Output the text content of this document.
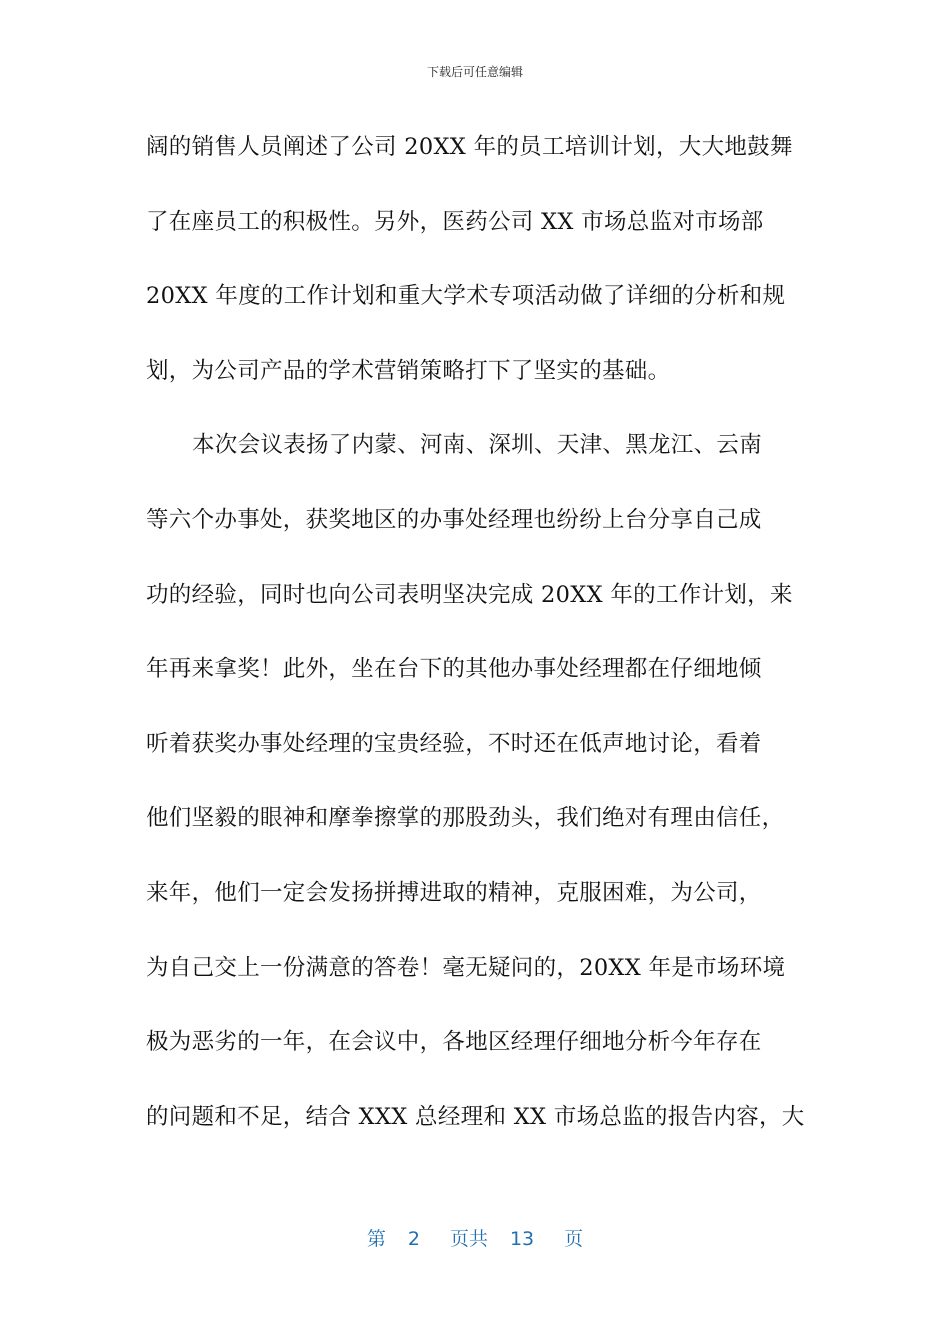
下载后可任意编辑
阔的销售人员阐述了公司 20XX 年的员工培训计划，大大地鼓舞
了在座员工的积极性。另外，医药公司 XX 市场总监对市场部
20XX 年度的工作计划和重大学术专项活动做了详细的分析和规
划，为公司产品的学术营销策略打下了坚实的基础。
本次会议表扬了内蒙、河南、深圳、天津、黑龙江、云南
等六个办事处，获奖地区的办事处经理也纷纷上台分享自己成
功的经验，同时也向公司表明坚决完成 20XX 年的工作计划，来
年再来拿奖！此外，坐在台下的其他办事处经理都在仔细地倾
听着获奖办事处经理的宝贵经验，不时还在低声地讨论，看着
他们坚毅的眼神和摩拳擦掌的那股劲头，我们绝对有理由信任，
来年，他们一定会发扬拼搏进取的精神，克服困难，为公司，
为自己交上一份满意的答卷！毫无疑问的，20XX 年是市场环境
极为恶劣的一年，在会议中，各地区经理仔细地分析今年存在
的问题和不足，结合 XXX 总经理和 XX 市场总监的报告内容，大
第 2 页共 13 页
